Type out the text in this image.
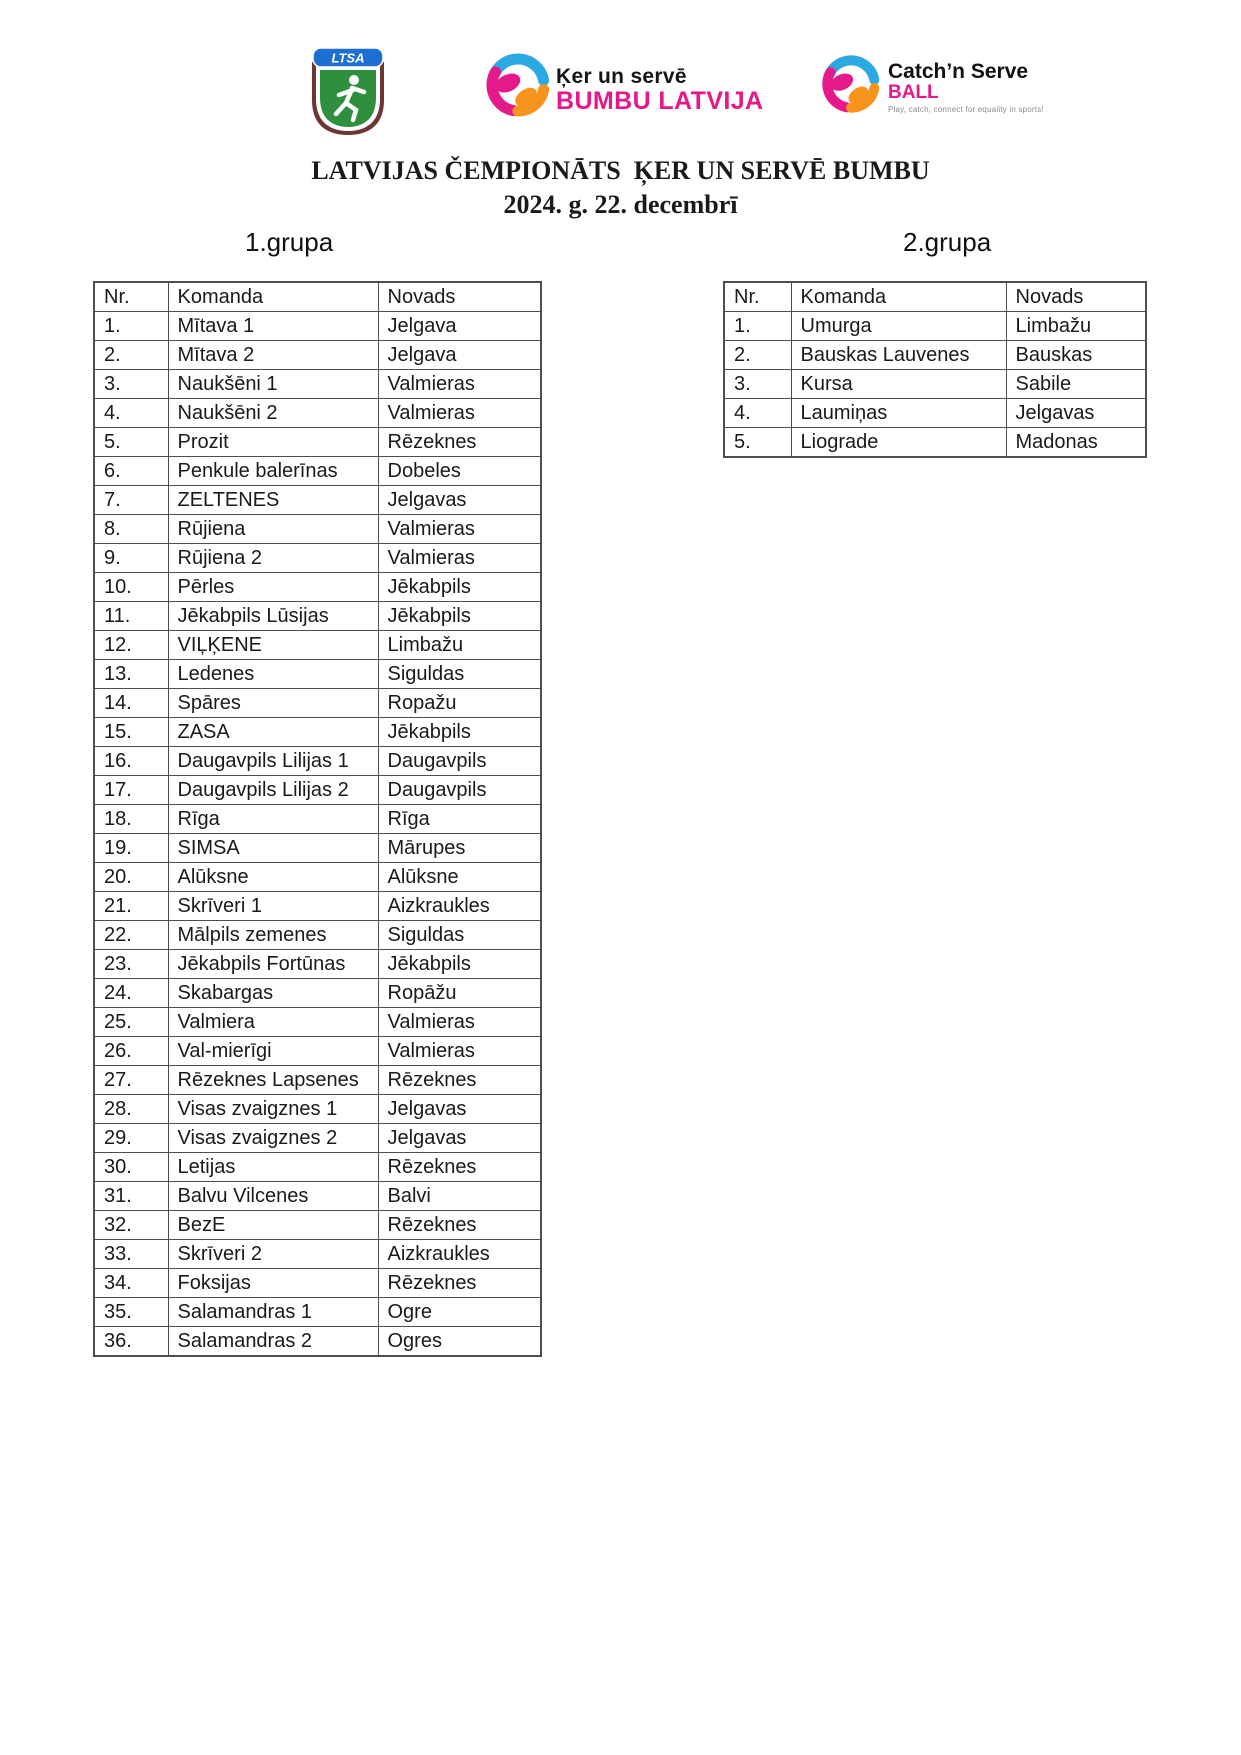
LTSA
Ķer un servē
BUMBU LATVIJA
Catch’n Serve
BALL
Play, catch, connect for equality in sports!
LATVIJAS ČEMPIONĀTS  ĶER UN SERVĒ BUMBU
2024. g. 22. decembrī
1.grupa	2.grupa
Nr.	Komanda	Novads
1.	Mītava 1	Jelgava
2.	Mītava 2	Jelgava
3.	Naukšēni 1	Valmieras
4.	Naukšēni 2	Valmieras
5.	Prozit	Rēzeknes
6.	Penkule balerīnas	Dobeles
7.	ZELTENES	Jelgavas
8.	Rūjiena	Valmieras
9.	Rūjiena 2	Valmieras
10.	Pērles	Jēkabpils
11.	Jēkabpils Lūsijas	Jēkabpils
12.	VIĻĶENE	Limbažu
13.	Ledenes	Siguldas
14.	Spāres	Ropažu
15.	ZASA	Jēkabpils
16.	Daugavpils Lilijas 1	Daugavpils
17.	Daugavpils Lilijas 2	Daugavpils
18.	Rīga	Rīga
19.	SIMSA	Mārupes
20.	Alūksne	Alūksne
21.	Skrīveri 1	Aizkraukles
22.	Mālpils zemenes	Siguldas
23.	Jēkabpils Fortūnas	Jēkabpils
24.	Skabargas	Ropāžu
25.	Valmiera	Valmieras
26.	Val-mierīgi	Valmieras
27.	Rēzeknes Lapsenes	Rēzeknes
28.	Visas zvaigznes 1	Jelgavas
29.	Visas zvaigznes 2	Jelgavas
30.	Letijas	Rēzeknes
31.	Balvu Vilcenes	Balvi
32.	BezE	Rēzeknes
33.	Skrīveri 2	Aizkraukles
34.	Foksijas	Rēzeknes
35.	Salamandras 1	Ogre
36.	Salamandras 2	Ogres
Nr.	Komanda	Novads
1.	Umurga	Limbažu
2.	Bauskas Lauvenes	Bauskas
3.	Kursa	Sabile
4.	Laumiņas	Jelgavas
5.	Liograde	Madonas
